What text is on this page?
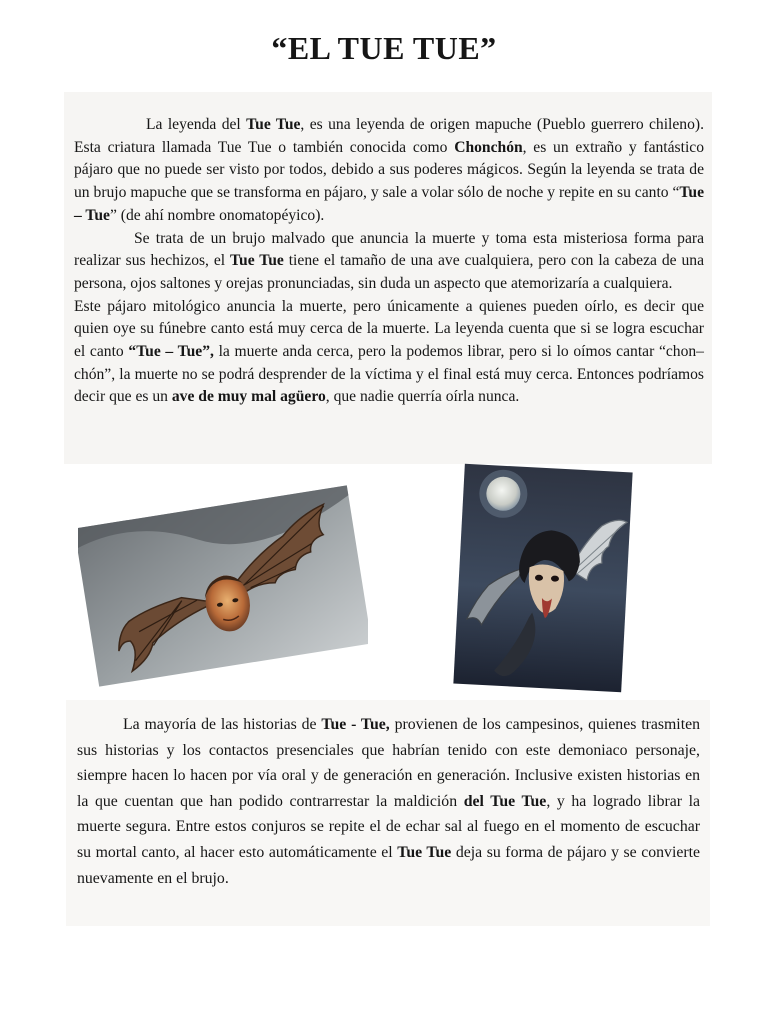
“EL TUE TUE”

La leyenda del Tue Tue, es una leyenda de origen mapuche (Pueblo guerrero chileno). Esta criatura llamada Tue Tue o también conocida como Chonchón, es un extraño y fantástico pájaro que no puede ser visto por todos, debido a sus poderes mágicos. Según la leyenda se trata de un brujo mapuche que se transforma en pájaro, y sale a volar sólo de noche y repite en su canto “Tue – Tue” (de ahí nombre onomatopéyico).

Se trata de un brujo malvado que anuncia la muerte y toma esta misteriosa forma para realizar sus hechizos, el Tue Tue tiene el tamaño de una ave cualquiera, pero con la cabeza de una persona, ojos saltones y orejas pronunciadas, sin duda un aspecto que atemorizaría a cualquiera.

Este pájaro mitológico anuncia la muerte, pero únicamente a quienes pueden oírlo, es decir que quien oye su fúnebre canto está muy cerca de la muerte. La leyenda cuenta que si se logra escuchar el canto “Tue – Tue”, la muerte anda cerca, pero la podemos librar, pero si lo oímos cantar “chon–chón”, la muerte no se podrá desprender de la víctima y el final está muy cerca. Entonces podríamos decir que es un ave de muy mal agüero, que nadie querría oírla nunca.

La mayoría de las historias de Tue - Tue, provienen de los campesinos, quienes trasmiten sus historias y los contactos presenciales que habrían tenido con este demoniaco personaje, siempre hacen lo hacen por vía oral y de generación en generación. Inclusive existen historias en la que cuentan que han podido contrarrestar la maldición del Tue Tue, y ha logrado librar la muerte segura. Entre estos conjuros se repite el de echar sal al fuego en el momento de escuchar su mortal canto, al hacer esto automáticamente el Tue Tue deja su forma de pájaro y se convierte nuevamente en el brujo.
